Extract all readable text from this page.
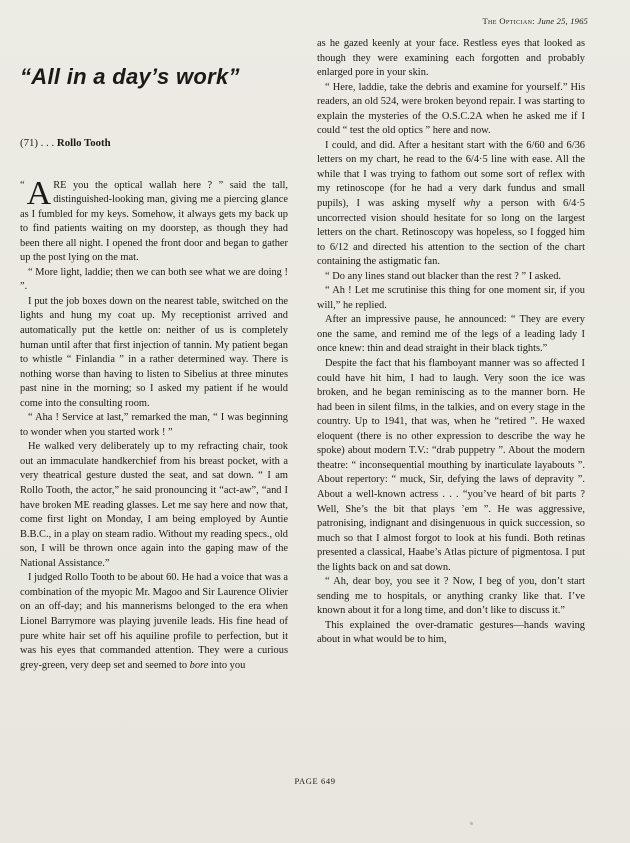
The Optician: June 25, 1965
“All in a day’s work”
(71) . . . Rollo Tooth

“ A RE you the optical wallah here ? ” said the tall, distinguished-looking man, giving me a piercing glance as I fumbled for my keys. Somehow, it always gets my back up to find patients waiting on my doorstep, as though they had been there all night. I opened the front door and began to gather up the post lying on the mat.

“ More light, laddie; then we can both see what we are doing ! ”.

I put the job boxes down on the nearest table, switched on the lights and hung my coat up. My receptionist arrived and automatically put the kettle on: neither of us is completely human until after that first injection of tannin. My patient began to whistle “ Finlandia ” in a rather determined way. There is nothing worse than having to listen to Sibelius at three minutes past nine in the morning; so I asked my patient if he would come into the consulting room.

“ Aha ! Service at last,” remarked the man, “ I was beginning to wonder when you started work ! ”

He walked very deliberately up to my refracting chair, took out an immaculate handkerchief from his breast pocket, with a very theatrical gesture dusted the seat, and sat down. “ I am Rollo Tooth, the actor,” he said pronouncing it “act-aw”, “and I have broken ME reading glasses. Let me say here and now that, come first light on Monday, I am being employed by Auntie B.B.C., in a play on steam radio. Without my reading specs., old son, I will be thrown once again into the gaping maw of the National Assistance.”

I judged Rollo Tooth to be about 60. He had a voice that was a combination of the myopic Mr. Magoo and Sir Laurence Olivier on an off-day; and his mannerisms belonged to the era when Lionel Barrymore was playing juvenile leads. His fine head of pure white hair set off his aquiline profile to perfection, but it was his eyes that commanded attention. They were a curious grey-green, very deep set and seemed to bore into you

as he gazed keenly at your face. Restless eyes that looked as though they were examining each forgotten and probably enlarged pore in your skin.

“ Here, laddie, take the debris and examine for yourself.” His readers, an old 524, were broken beyond repair. I was starting to explain the mysteries of the O.S.C.2A when he asked me if I could “ test the old optics ” here and now.

I could, and did. After a hesitant start with the 6/60 and 6/36 letters on my chart, he read to the 6/4·5 line with ease. All the while that I was trying to fathom out some sort of reflex with my retinoscope (for he had a very dark fundus and small pupils), I was asking myself why a person with 6/4·5 uncorrected vision should hesitate for so long on the largest letters on the chart. Retinoscopy was hopeless, so I fogged him to 6/12 and directed his attention to the section of the chart containing the astigmatic fan.

“ Do any lines stand out blacker than the rest ? ” I asked.

“ Ah ! Let me scrutinise this thing for one moment sir, if you will,” he replied.

After an impressive pause, he announced: “ They are every one the same, and remind me of the legs of a leading lady I once knew: thin and dead straight in their black tights.”

Despite the fact that his flamboyant manner was so affected I could have hit him, I had to laugh. Very soon the ice was broken, and he began reminiscing as to the manner born. He had been in silent films, in the talkies, and on every stage in the country. Up to 1941, that was, when he “retired ”. He waxed eloquent (there is no other expression to describe the way he spoke) about modern T.V.: “drab puppetry ”. About the modern theatre: “ inconsequential mouthing by inarticulate layabouts ”. About repertory: “ muck, Sir, defying the laws of depravity ”. About a well-known actress . . . “you’ve heard of bit parts ? Well, She’s the bit that plays ’em ”. He was aggressive, patronising, indignant and disingenuous in quick succession, so much so that I almost forgot to look at his fundi. Both retinas presented a classical, Haabe’s Atlas picture of pigmentosa. I put the lights back on and sat down.

“ Ah, dear boy, you see it ? Now, I beg of you, don’t start sending me to hospitals, or anything cranky like that. I’ve known about it for a long time, and don’t like to discuss it.”

This explained the over-dramatic gestures—hands waving about in what would be to him,

PAGE 649
